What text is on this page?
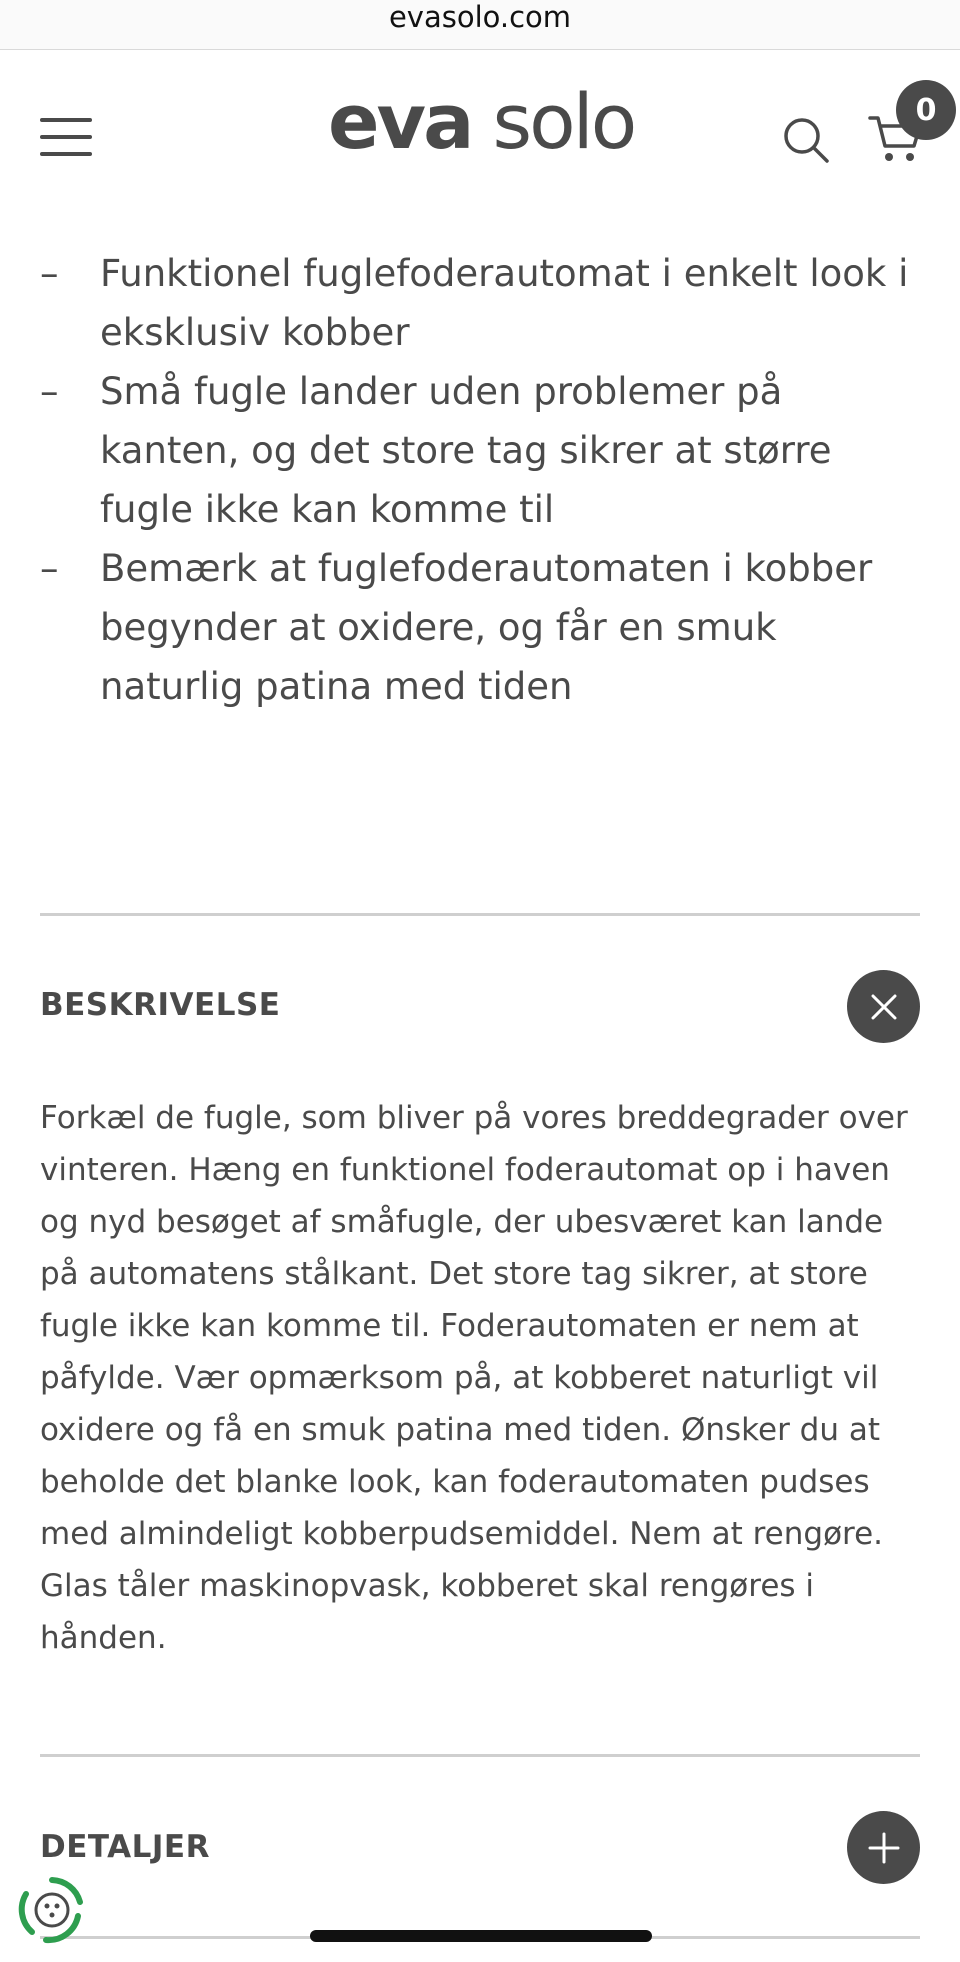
evasolo.com
eva solo	0
– Funktionel fuglefoderautomat i enkelt look i eksklusiv kobber
– Små fugle lander uden problemer på kanten, og det store tag sikrer at større fugle ikke kan komme til
– Bemærk at fuglefoderautomaten i kobber begynder at oxidere, og får en smuk naturlig patina med tiden
BESKRIVELSE
Forkæl de fugle, som bliver på vores breddegrader over vinteren. Hæng en funktionel foderautomat op i haven og nyd besøget af småfugle, der ubesværet kan lande på automatens stålkant. Det store tag sikrer, at store fugle ikke kan komme til. Foderautomaten er nem at påfylde. Vær opmærksom på, at kobberet naturligt vil oxidere og få en smuk patina med tiden. Ønsker du at beholde det blanke look, kan foderautomaten pudses med almindeligt kobberpudsemiddel. Nem at rengøre. Glas tåler maskinopvask, kobberet skal rengøres i hånden.
DETALJER
